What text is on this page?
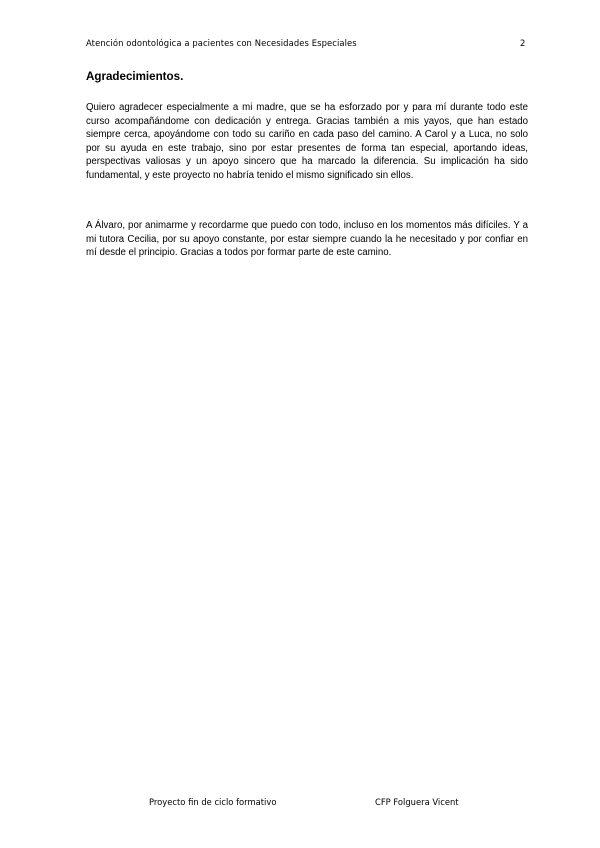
Atención odontológica a pacientes con Necesidades Especiales	2
Agradecimientos.

Quiero agradecer especialmente a mi madre, que se ha esforzado por y para mí durante todo este curso acompañándome con dedicación y entrega. Gracias también a mis yayos, que han estado siempre cerca, apoyándome con todo su cariño en cada paso del camino. A Carol y a Luca, no solo por su ayuda en este trabajo, sino por estar presentes de forma tan especial, aportando ideas, perspectivas valiosas y un apoyo sincero que ha marcado la diferencia. Su implicación ha sido fundamental, y este proyecto no habría tenido el mismo significado sin ellos.

A Álvaro, por animarme y recordarme que puedo con todo, incluso en los momentos más difíciles. Y a mi tutora Cecilia, por su apoyo constante, por estar siempre cuando la he necesitado y por confiar en mí desde el principio. Gracias a todos por formar parte de este camino.

Proyecto fin de ciclo formativo	CFP Folguera Vicent
